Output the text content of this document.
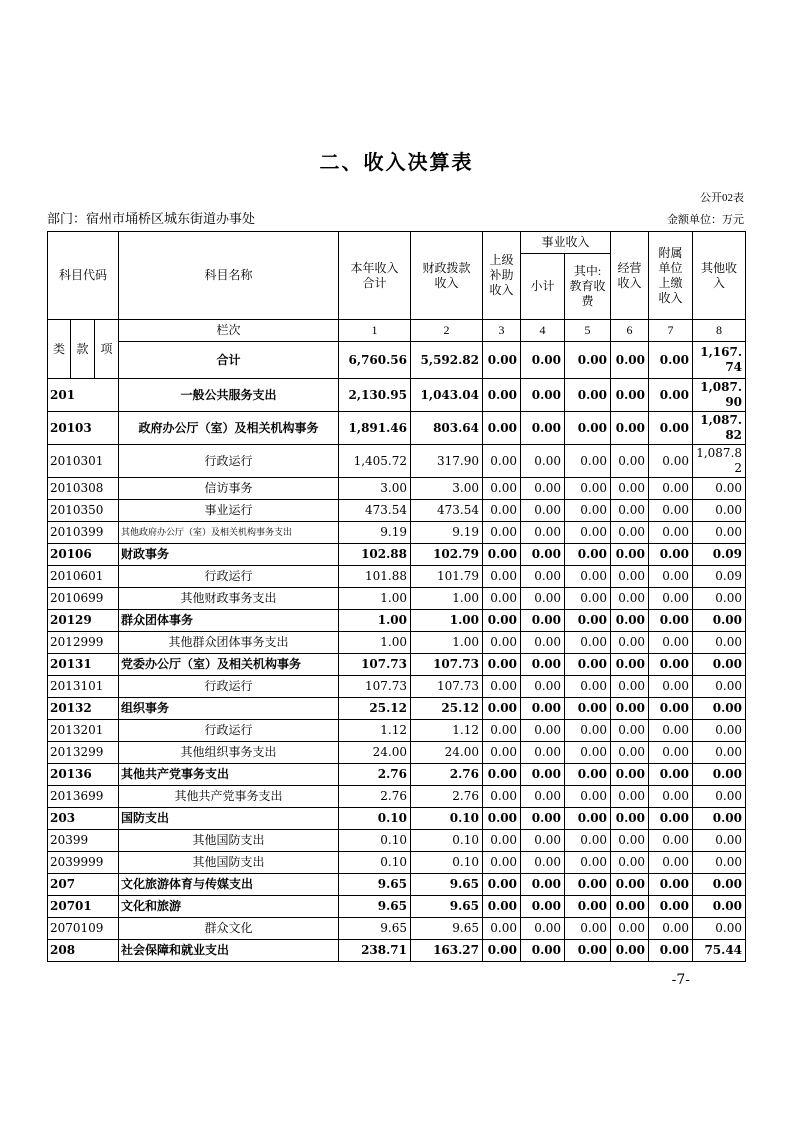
二、收入决算表
公开02表
部门：宿州市埇桥区城东街道办事处	金额单位：万元
科目代码			科目名称	本年收入合计	财政拨款收入	上级补助收入	事业收入		经营收入	附属单位上缴收入	其他收入
							小计	其中:教育收费			
类	款	项	栏次	1	2	3	4	5	6	7	8
			合计	6,760.56	5,592.82	0.00	0.00	0.00	0.00	0.00	1,167.74
201			一般公共服务支出	2,130.95	1,043.04	0.00	0.00	0.00	0.00	0.00	1,087.90
20103			政府办公厅（室）及相关机构事务	1,891.46	803.64	0.00	0.00	0.00	0.00	0.00	1,087.82
2010301			行政运行	1,405.72	317.90	0.00	0.00	0.00	0.00	0.00	1,087.82
2010308			信访事务	3.00	3.00	0.00	0.00	0.00	0.00	0.00	0.00
2010350			事业运行	473.54	473.54	0.00	0.00	0.00	0.00	0.00	0.00
2010399			其他政府办公厅（室）及相关机构事务支出	9.19	9.19	0.00	0.00	0.00	0.00	0.00	0.00
20106			财政事务	102.88	102.79	0.00	0.00	0.00	0.00	0.00	0.09
2010601			行政运行	101.88	101.79	0.00	0.00	0.00	0.00	0.00	0.09
2010699			其他财政事务支出	1.00	1.00	0.00	0.00	0.00	0.00	0.00	0.00
20129			群众团体事务	1.00	1.00	0.00	0.00	0.00	0.00	0.00	0.00
2012999			其他群众团体事务支出	1.00	1.00	0.00	0.00	0.00	0.00	0.00	0.00
20131			党委办公厅（室）及相关机构事务	107.73	107.73	0.00	0.00	0.00	0.00	0.00	0.00
2013101			行政运行	107.73	107.73	0.00	0.00	0.00	0.00	0.00	0.00
20132			组织事务	25.12	25.12	0.00	0.00	0.00	0.00	0.00	0.00
2013201			行政运行	1.12	1.12	0.00	0.00	0.00	0.00	0.00	0.00
2013299			其他组织事务支出	24.00	24.00	0.00	0.00	0.00	0.00	0.00	0.00
20136			其他共产党事务支出	2.76	2.76	0.00	0.00	0.00	0.00	0.00	0.00
2013699			其他共产党事务支出	2.76	2.76	0.00	0.00	0.00	0.00	0.00	0.00
203			国防支出	0.10	0.10	0.00	0.00	0.00	0.00	0.00	0.00
20399			其他国防支出	0.10	0.10	0.00	0.00	0.00	0.00	0.00	0.00
2039999			其他国防支出	0.10	0.10	0.00	0.00	0.00	0.00	0.00	0.00
207			文化旅游体育与传媒支出	9.65	9.65	0.00	0.00	0.00	0.00	0.00	0.00
20701			文化和旅游	9.65	9.65	0.00	0.00	0.00	0.00	0.00	0.00
2070109			群众文化	9.65	9.65	0.00	0.00	0.00	0.00	0.00	0.00
208			社会保障和就业支出	238.71	163.27	0.00	0.00	0.00	0.00	0.00	75.44
-7-
